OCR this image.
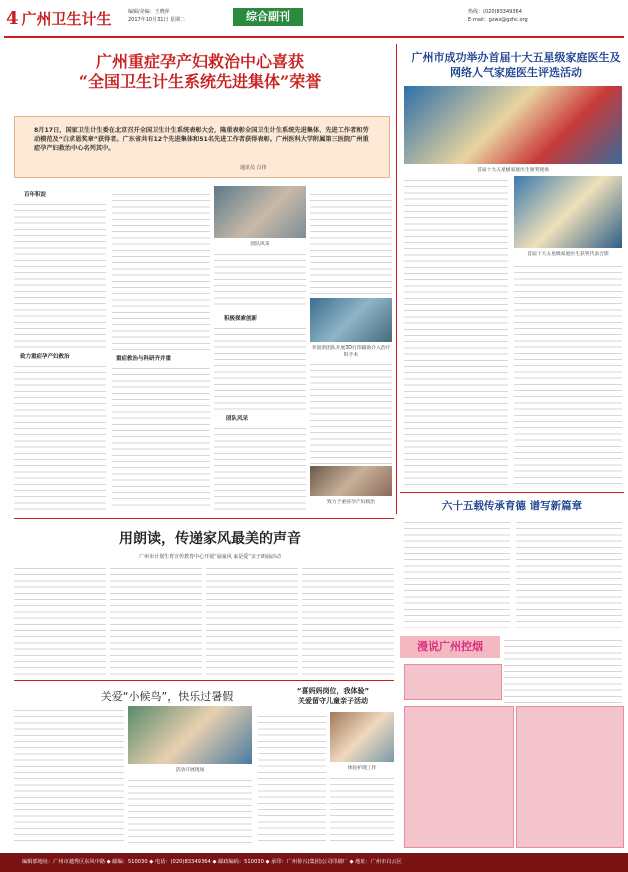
4 广州卫生计生	编辑/美编：王晓萍
2017年10月31日 星期二	综合副刊	热线：(020)83349364
E-mail：gzws@gzhc.org
广州重症孕产妇救治中心喜获
“全国卫生计生系统先进集体”荣誉
8月17日，国家卫生计生委在北京召开全国卫生计生系统表彰大会，隆重表彰全国卫生计生系统先进集体、先进工作者和劳动模范及“白求恩奖章”获得者。广东省共有12个先进集体和51名先进工作者获得表彰。广州医科大学附属第三医院广州重症孕产妇救治中心名列其中。
通讯员 白伟
百年积淀
致力重症孕产妇救治	重症救治与科研齐并重
团队风采
积极探索创新
团队风采
李晨余团队开展3D打印辅助介入治疗科手术
致力于重症孕产妇救治
广州市成功举办首届十大五星级家庭医生及网络人气家庭医生评选活动
首届十大五星级家庭医生颁奖现场
首届十大五星级家庭医生获奖代表合影
六十五载传承育德 谱写新篇章
用朗读，传递家风最美的声音
广州市计划生育宣传教育中心开展“诵家风 家是爱”亲子朗诵活动
关爱“小候鸟”，快乐过暑假
活动开展现场
“喜妈妈岗位，我体验”
关爱留守儿童亲子活动
体验护理工作
漫说广州控烟
编辑部地址：广州市越秀区东风中路 ◆ 邮编：510030 ◆ 电话：(020)83349364 ◆ 邮政编码：510030 ◆ 承印：广州侨兴(集团)公司印刷厂 ◆ 地址：广州市白云区
